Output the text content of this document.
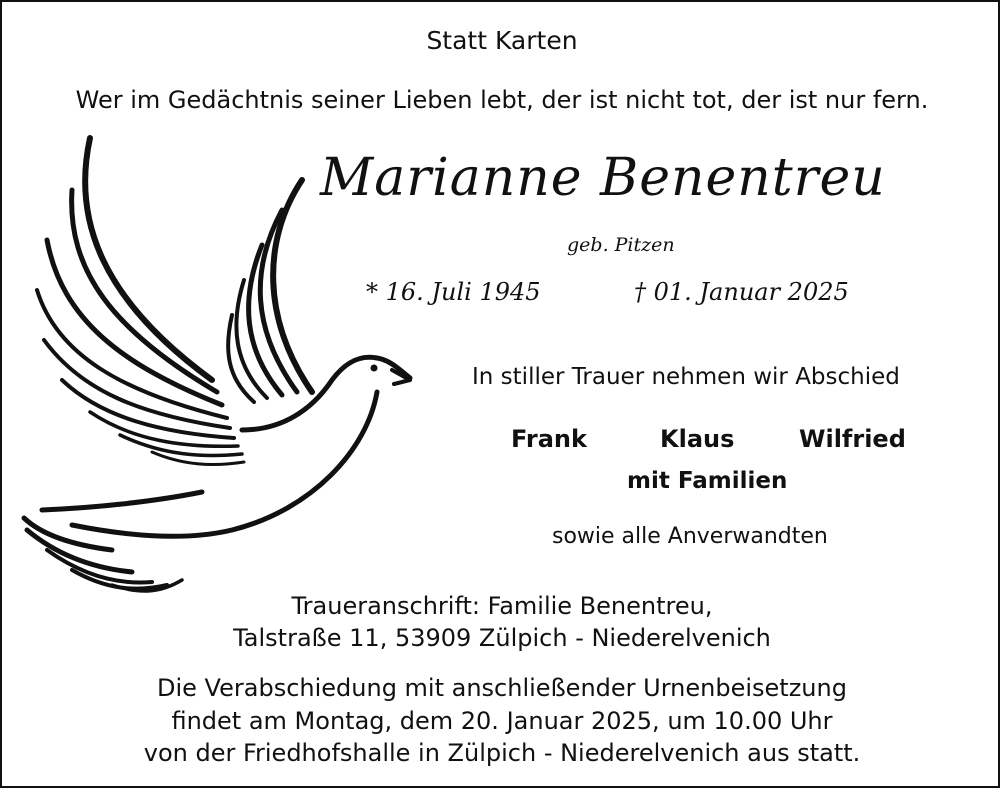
Statt Karten
Wer im Gedächtnis seiner Lieben lebt, der ist nicht tot, der ist nur fern.
Marianne Benentreu
geb. Pitzen
* 16. Juli 1945	† 01. Januar 2025
In stiller Trauer nehmen wir Abschied
Frank	Klaus	Wilfried
mit Familien
sowie alle Anverwandten
Traueranschrift: Familie Benentreu,
Talstraße 11, 53909 Zülpich - Niederelvenich
Die Verabschiedung mit anschließender Urnenbeisetzung
findet am Montag, dem 20. Januar 2025, um 10.00 Uhr
von der Friedhofshalle in Zülpich - Niederelvenich aus statt.
